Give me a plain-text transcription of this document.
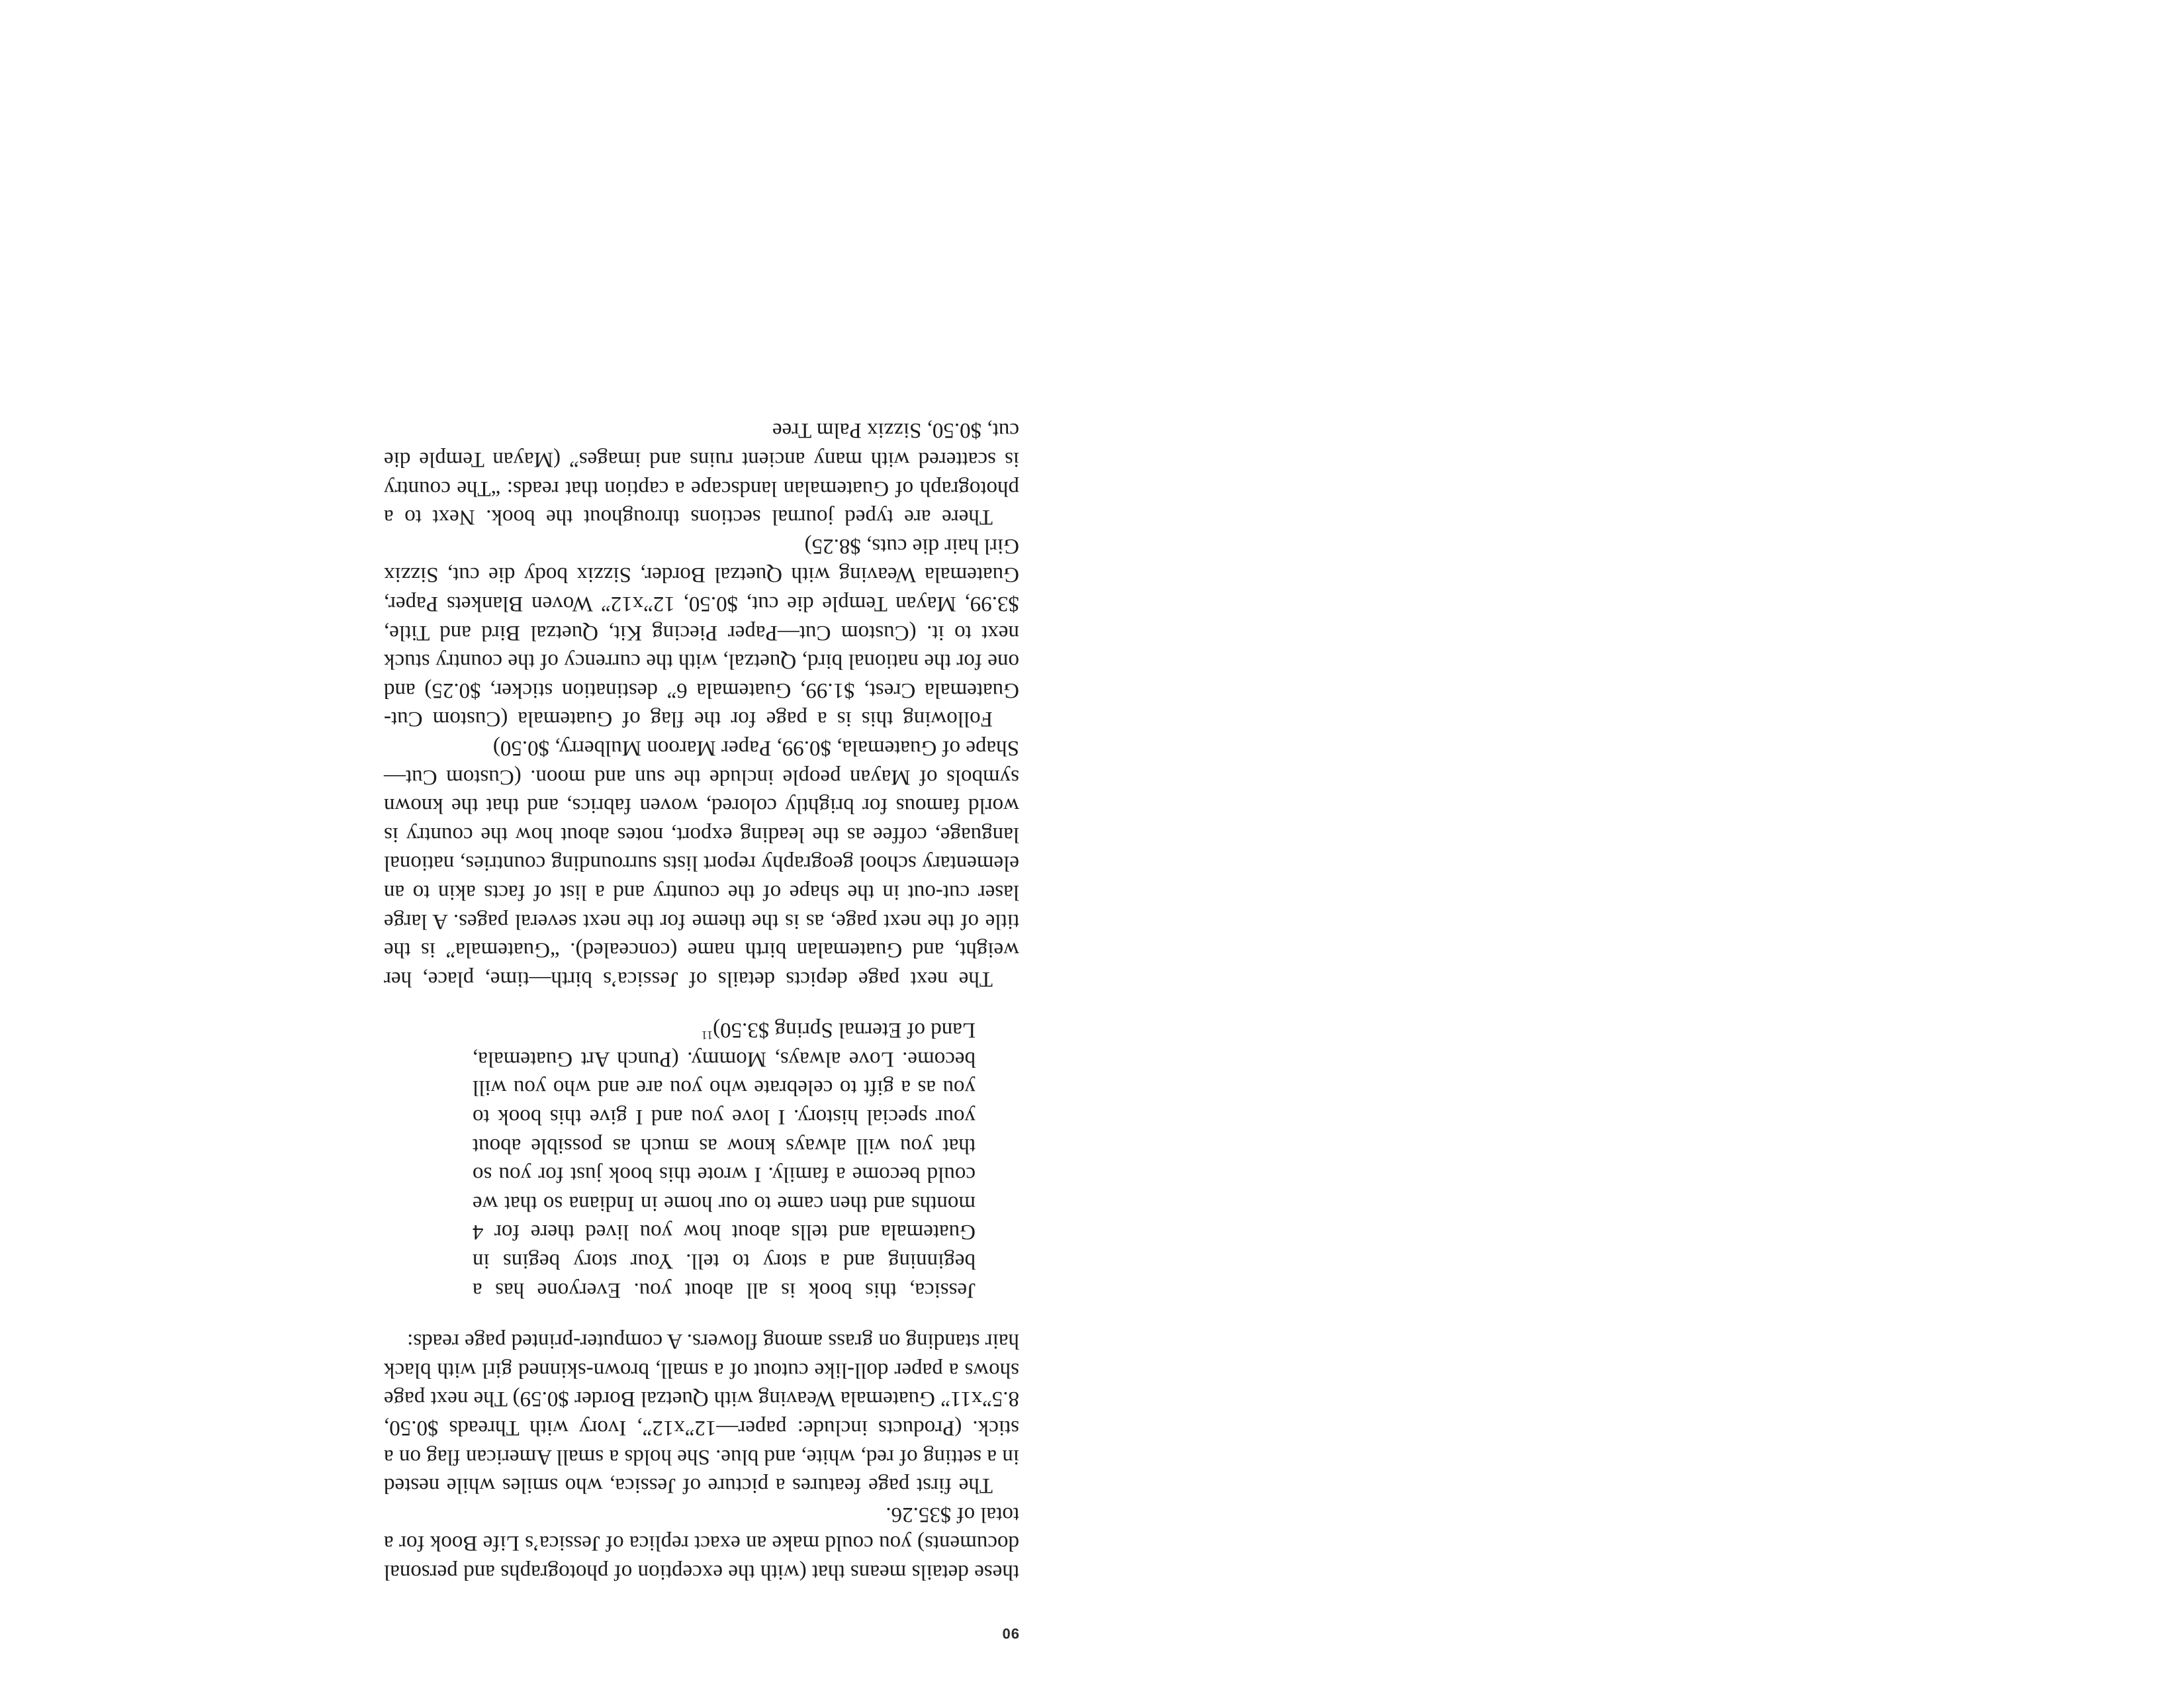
90

these details means that (with the exception of photographs and personal documents) you could make an exact replica of Jessica’s Life Book for a total of $35.26.

The first page features a picture of Jessica, who smiles while nested in a setting of red, white, and blue. She holds a small American flag on a stick. (Products include: paper—12”x12”, Ivory with Threads $0.50, 8.5”x11” Guatemala Weaving with Quetzal Border $0.59) The next page shows a paper doll-like cutout of a small, brown-skinned girl with black hair standing on grass among flowers. A computer-printed page reads:

Jessica, this book is all about you. Everyone has a beginning and a story to tell. Your story begins in Guatemala and tells about how you lived there for 4 months and then came to our home in Indiana so that we could become a family. I wrote this book just for you so that you will always know as much as possible about your special history. I love you and I give this book to you as a gift to celebrate who you are and who you will become. Love always, Mommy. (Punch Art Guatemala, Land of Eternal Spring $3.50)$^{11}$

The next page depicts details of Jessica’s birth—time, place, her weight, and Guatemalan birth name (concealed). “Guatemala” is the title of the next page, as is the theme for the next several pages. A large laser cut-out in the shape of the country and a list of facts akin to an elementary school geography report lists surrounding countries, national language, coffee as the leading export, notes about how the country is world famous for brightly colored, woven fabrics, and that the known symbols of Mayan people include the sun and moon. (Custom Cut—Shape of Guatemala, $0.99, Paper Maroon Mulberry, $0.50)

Following this is a page for the flag of Guatemala (Custom Cut-Guatemala Crest, $1.99, Guatemala 6” destination sticker, $0.25) and one for the national bird, Quetzal, with the currency of the country stuck next to it. (Custom Cut—Paper Piecing Kit, Quetzal Bird and Title, $3.99, Mayan Temple die cut, $0.50, 12”x12” Woven Blankets Paper, Guatemala Weaving with Quetzal Border, Sizzix body die cut, Sizzix Girl hair die cuts, $8.25)

There are typed journal sections throughout the book. Next to a photograph of Guatemalan landscape a caption that reads: “The country is scattered with many ancient ruins and images” (Mayan Temple die cut, $0.50, Sizzix Palm Tree
